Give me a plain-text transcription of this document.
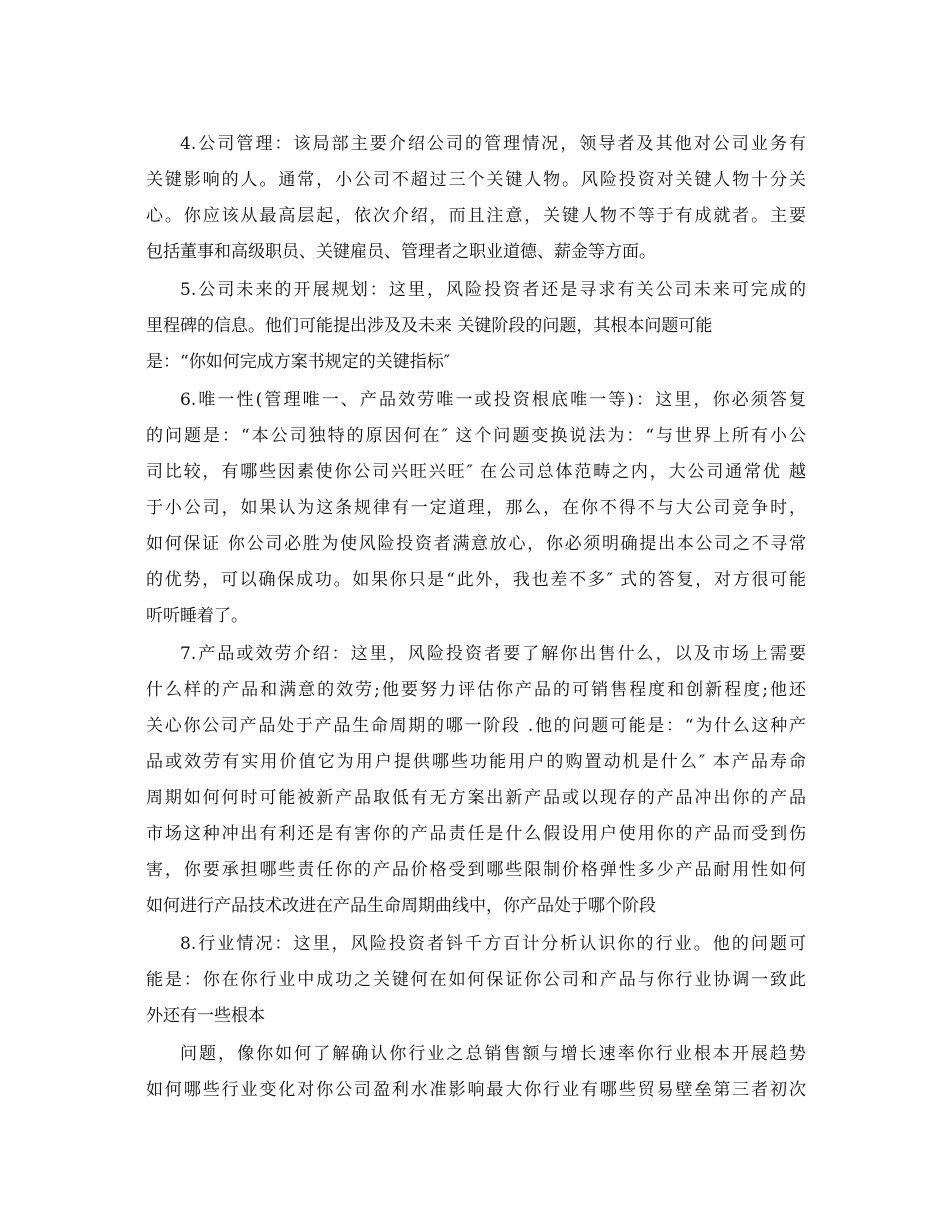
4.公司管理：该局部主要介绍公司的管理情况，领导者及其他对公司业务有
关键影响的人。通常，小公司不超过三个关键人物。风险投资对关键人物十分关
心。你应该从最高层起，依次介绍，而且注意，关键人物不等于有成就者。主要
包括董事和高级职员、关键雇员、管理者之职业道德、薪金等方面。
5.公司未来的开展规划：这里，风险投资者还是寻求有关公司未来可完成的
里程碑的信息。他们可能提出涉及及未来 关键阶段的问题，其根本问题可能
是：“你如何完成方案书规定的关键指标″
6.唯一性(管理唯一、产品效劳唯一或投资根底唯一等)：这里，你必须答复
的问题是：“本公司独特的原因何在″ 这个问题变换说法为：“与世界上所有小公
司比较，有哪些因素使你公司兴旺兴旺″ 在公司总体范畴之内，大公司通常优 越
于小公司，如果认为这条规律有一定道理，那么，在你不得不与大公司竞争时，
如何保证 你公司必胜为使风险投资者满意放心，你必须明确提出本公司之不寻常
的优势，可以确保成功。如果你只是“此外，我也差不多″ 式的答复，对方很可能
听听睡着了。
7.产品或效劳介绍：这里，风险投资者要了解你出售什么，以及市场上需要
什么样的产品和满意的效劳;他要努力评估你产品的可销售程度和创新程度;他还
关心你公司产品处于产品生命周期的哪一阶段 .他的问题可能是：“为什么这种产
品或效劳有实用价值它为用户提供哪些功能用户的购置动机是什么″ 本产品寿命
周期如何何时可能被新产品取低有无方案出新产品或以现存的产品冲出你的产品
市场这种冲出有利还是有害你的产品责任是什么假设用户使用你的产品而受到伤
害，你要承担哪些责任你的产品价格受到哪些限制价格弹性多少产品耐用性如何
如何进行产品技术改进在产品生命周期曲线中，你产品处于哪个阶段
8.行业情况：这里，风险投资者钭千方百计分析认识你的行业。他的问题可
能是：你在你行业中成功之关键何在如何保证你公司和产品与你行业协调一致此
外还有一些根本
问题，像你如何了解确认你行业之总销售额与增长速率你行业根本开展趋势
如何哪些行业变化对你公司盈利水准影响最大你行业有哪些贸易壁垒第三者初次
